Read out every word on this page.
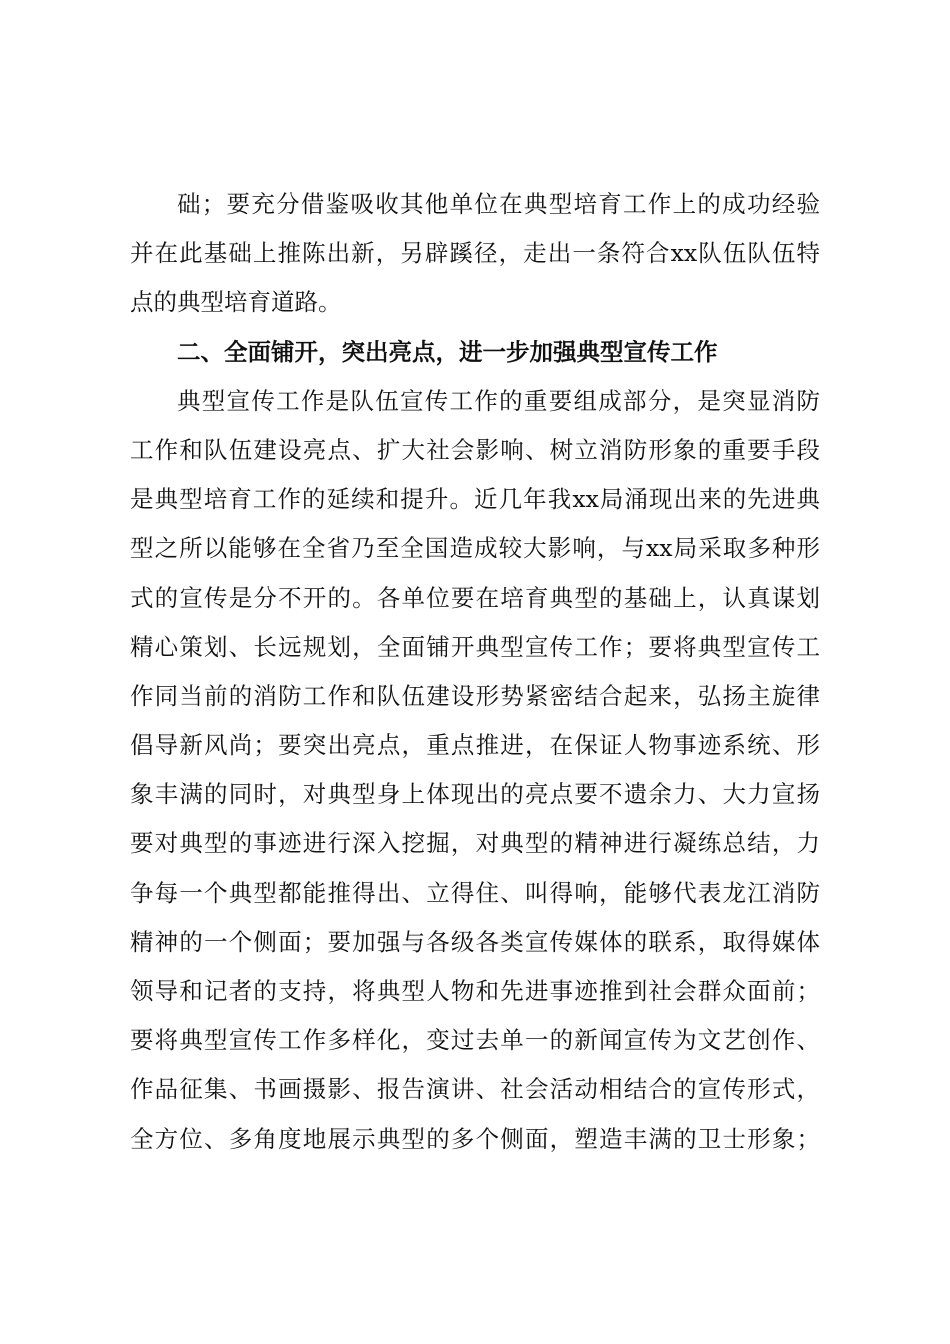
础；要充分借鉴吸收其他单位在典型培育工作上的成功经验
并在此基础上推陈出新，另辟蹊径，走出一条符合xx队伍队伍特
点的典型培育道路。
二、全面铺开，突出亮点，进一步加强典型宣传工作
典型宣传工作是队伍宣传工作的重要组成部分，是突显消防
工作和队伍建设亮点、扩大社会影响、树立消防形象的重要手段
是典型培育工作的延续和提升。近几年我xx局涌现出来的先进典
型之所以能够在全省乃至全国造成较大影响，与xx局采取多种形
式的宣传是分不开的。各单位要在培育典型的基础上，认真谋划
精心策划、长远规划，全面铺开典型宣传工作；要将典型宣传工
作同当前的消防工作和队伍建设形势紧密结合起来，弘扬主旋律
倡导新风尚；要突出亮点，重点推进，在保证人物事迹系统、形
象丰满的同时，对典型身上体现出的亮点要不遗余力、大力宣扬
要对典型的事迹进行深入挖掘，对典型的精神进行凝练总结，力
争每一个典型都能推得出、立得住、叫得响，能够代表龙江消防
精神的一个侧面；要加强与各级各类宣传媒体的联系，取得媒体
领导和记者的支持，将典型人物和先进事迹推到社会群众面前；
要将典型宣传工作多样化，变过去单一的新闻宣传为文艺创作、
作品征集、书画摄影、报告演讲、社会活动相结合的宣传形式，
全方位、多角度地展示典型的多个侧面，塑造丰满的卫士形象；
